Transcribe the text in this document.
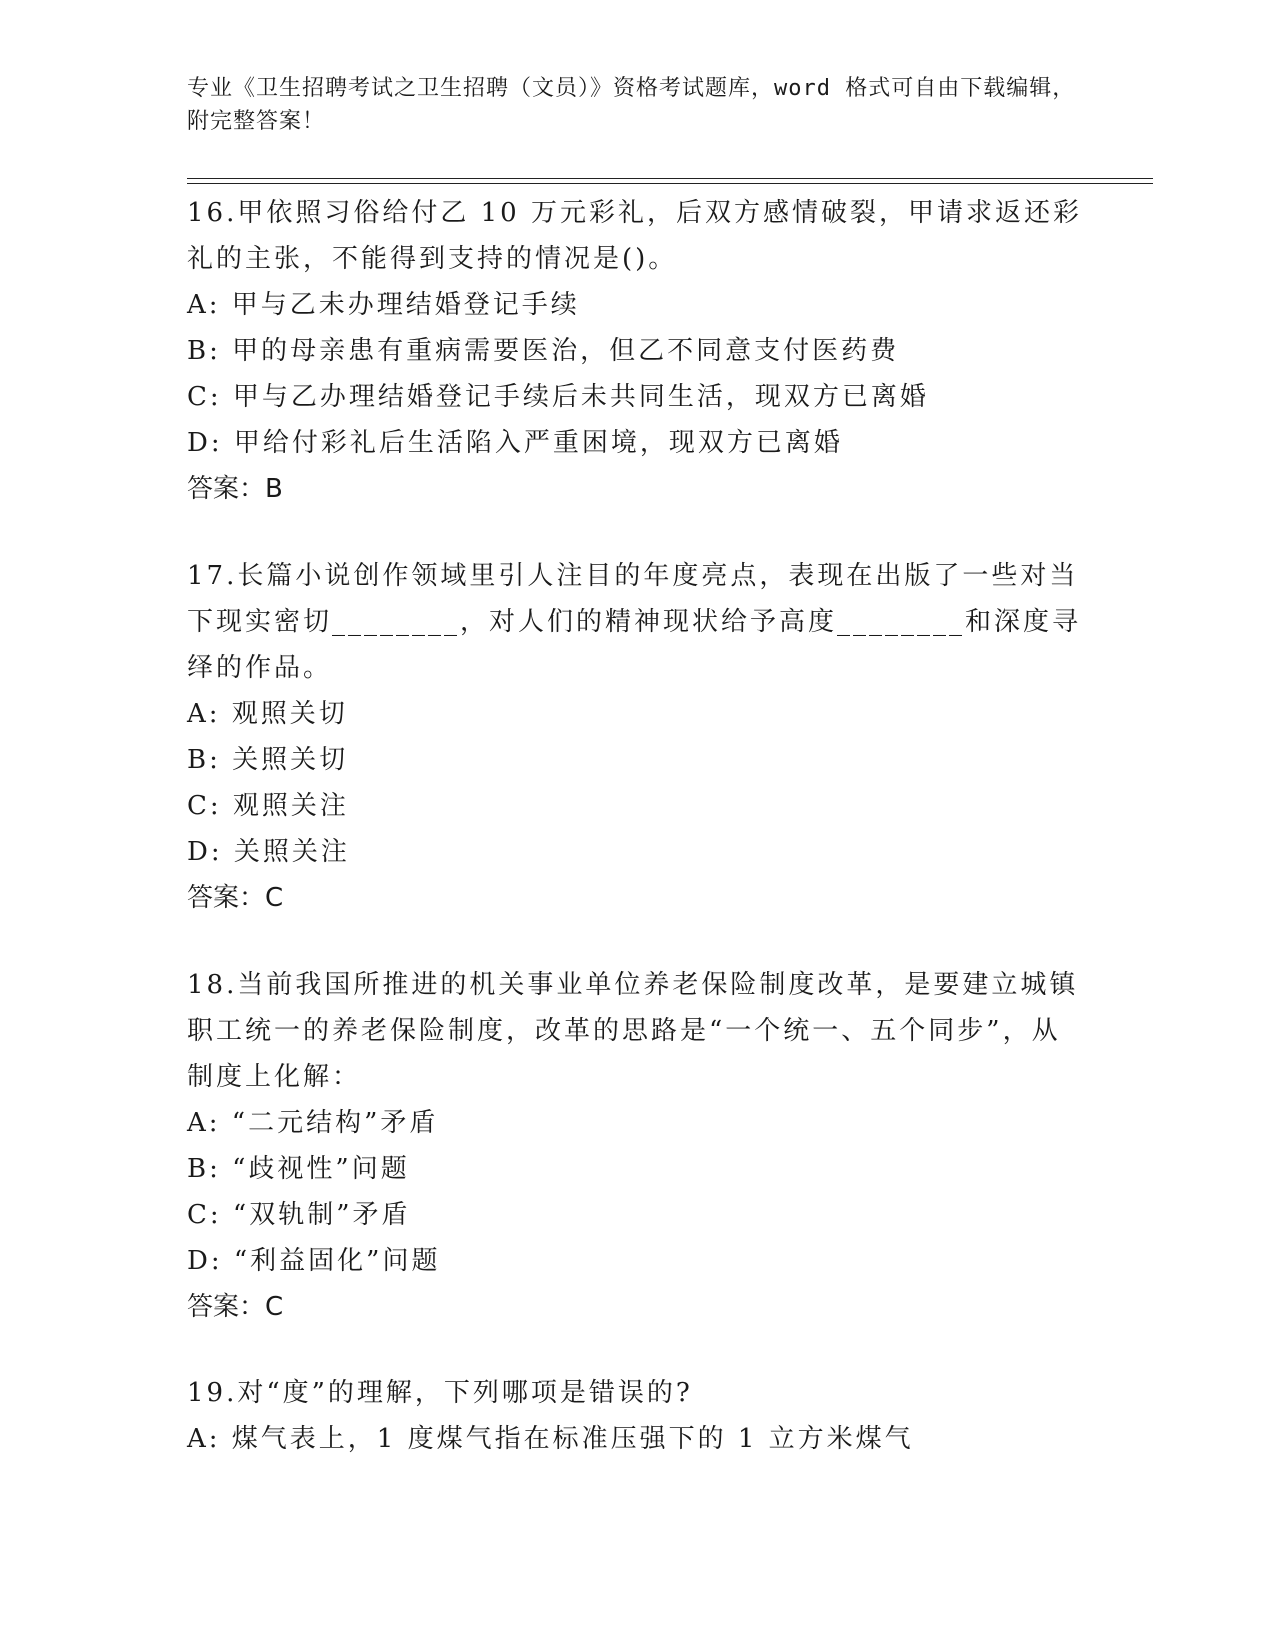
专业《卫生招聘考试之卫生招聘（文员）》资格考试题库，word 格式可自由下载编辑，附完整答案！

16.甲依照习俗给付乙 10 万元彩礼，后双方感情破裂，甲请求返还彩礼的主张，不能得到支持的情况是()。

A: 甲与乙未办理结婚登记手续

B: 甲的母亲患有重病需要医治，但乙不同意支付医药费

C: 甲与乙办理结婚登记手续后未共同生活，现双方已离婚

D: 甲给付彩礼后生活陷入严重困境，现双方已离婚

答案：B

17.长篇小说创作领域里引人注目的年度亮点，表现在出版了一些对当下现实密切________，对人们的精神现状给予高度________和深度寻绎的作品。

A: 观照关切

B: 关照关切

C: 观照关注

D: 关照关注

答案：C

18.当前我国所推进的机关事业单位养老保险制度改革，是要建立城镇职工统一的养老保险制度，改革的思路是“一个统一、五个同步”，从制度上化解：

A: “二元结构”矛盾

B: “歧视性”问题

C: “双轨制”矛盾

D: “利益固化”问题

答案：C

19.对“度”的理解，下列哪项是错误的?

A: 煤气表上，1 度煤气指在标准压强下的 1 立方米煤气
